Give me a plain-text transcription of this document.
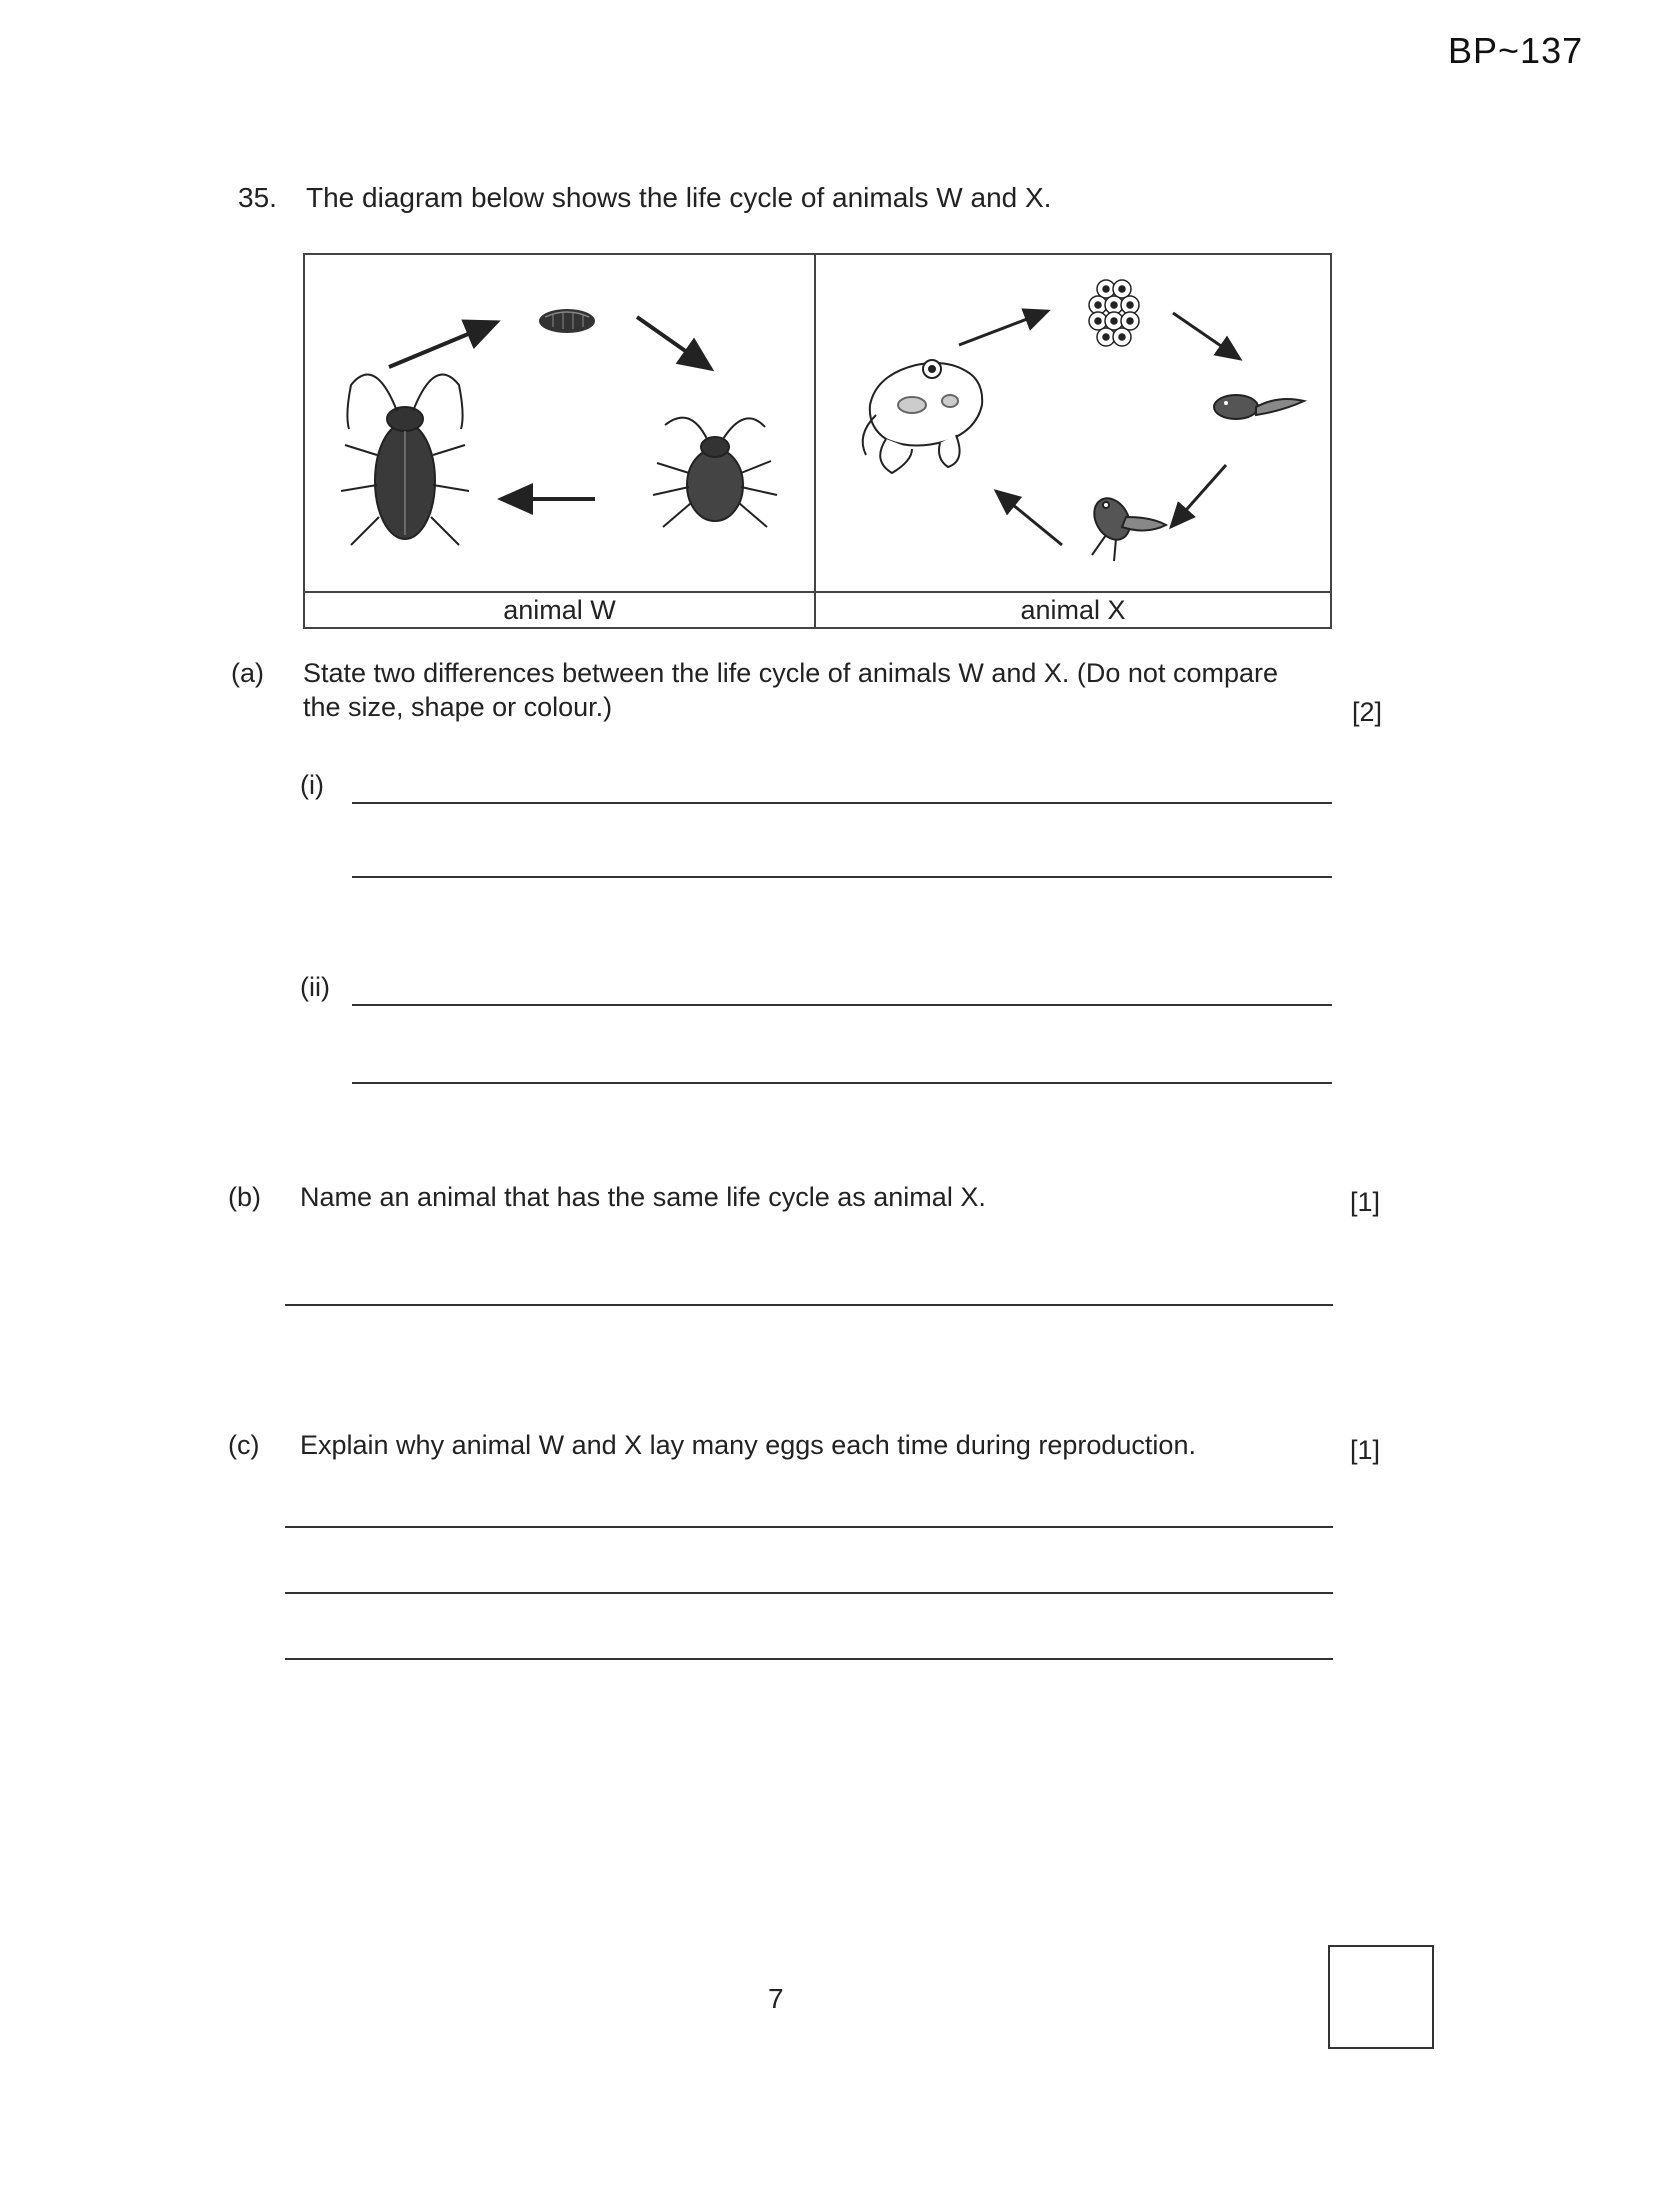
BP~137
35. The diagram below shows the life cycle of animals W and X.
animal W	animal X
(a) State two differences between the life cycle of animals W and X. (Do not compare
the size, shape or colour.)	[2]
(i)
(ii)
(b) Name an animal that has the same life cycle as animal X.	[1]
(c) Explain why animal W and X lay many eggs each time during reproduction.	[1]
7
